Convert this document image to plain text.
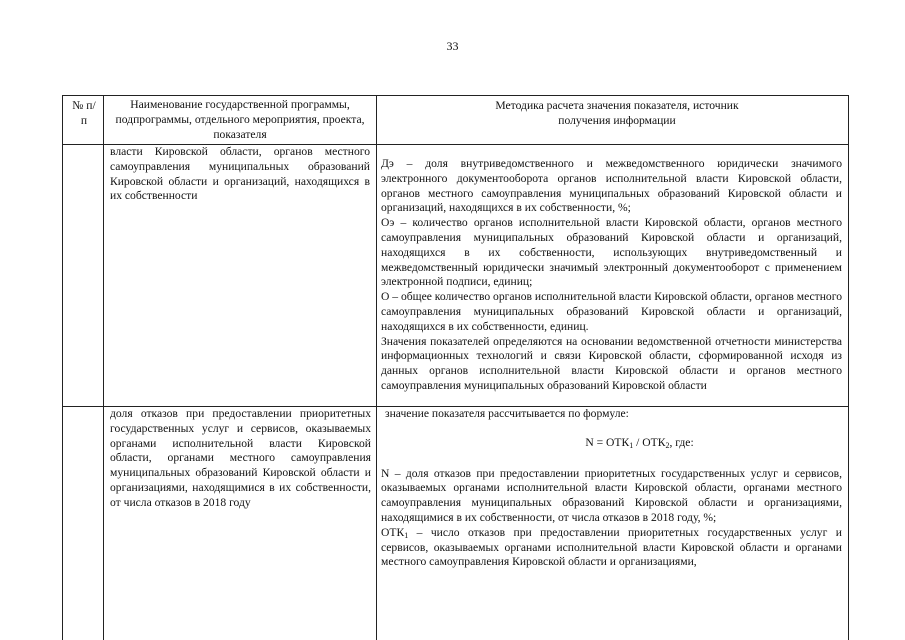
33
№ п/п
Наименование государственной программы, подпрограммы, отдельного мероприятия, проекта, показателя
Методика расчета значения показателя, источник получения информации
власти Кировской области, органов местного самоуправления муниципальных образований Кировской области и организаций, находящихся в их собственности

Дэ – доля внутриведомственного и межведомственного юридически значимого электронного документооборота органов исполнительной власти Кировской области, органов местного самоуправления муниципальных образований Кировской области и организаций, находящихся в их собственности, %;

Оэ – количество органов исполнительной власти Кировской области, органов местного самоуправления муниципальных образований Кировской области и организаций, находящихся в их собственности, использующих внутриведомственный и межведомственный юридически значимый электронный документооборот с применением электронной подписи, единиц;

О – общее количество органов исполнительной власти Кировской области, органов местного самоуправления муниципальных образований Кировской области и организаций, находящихся в их собственности, единиц.

Значения показателей определяются на основании ведомственной отчетности министерства информационных технологий и связи Кировской области, сформированной исходя из данных органов исполнительной власти Кировской области и органов местного самоуправления муниципальных образований Кировской области

доля отказов при предоставлении приоритетных государственных услуг и сервисов, оказываемых органами исполнительной власти Кировской области, органами местного самоуправления муниципальных образований Кировской области и организациями, находящимися в их собственности, от числа отказов в 2018 году

значение показателя рассчитывается по формуле:

$N = ОТК_1 / ОТК_2$, где:

N – доля отказов при предоставлении приоритетных государственных услуг и сервисов, оказываемых органами исполнительной власти Кировской области, органами местного самоуправления муниципальных образований Кировской области и организациями, находящимися в их собственности, от числа отказов в 2018 году, %;

$ОТК_1$ – число отказов при предоставлении приоритетных государственных услуг и сервисов, оказываемых органами исполнительной власти Кировской области и органами местного самоуправления Кировской области и организациями,
